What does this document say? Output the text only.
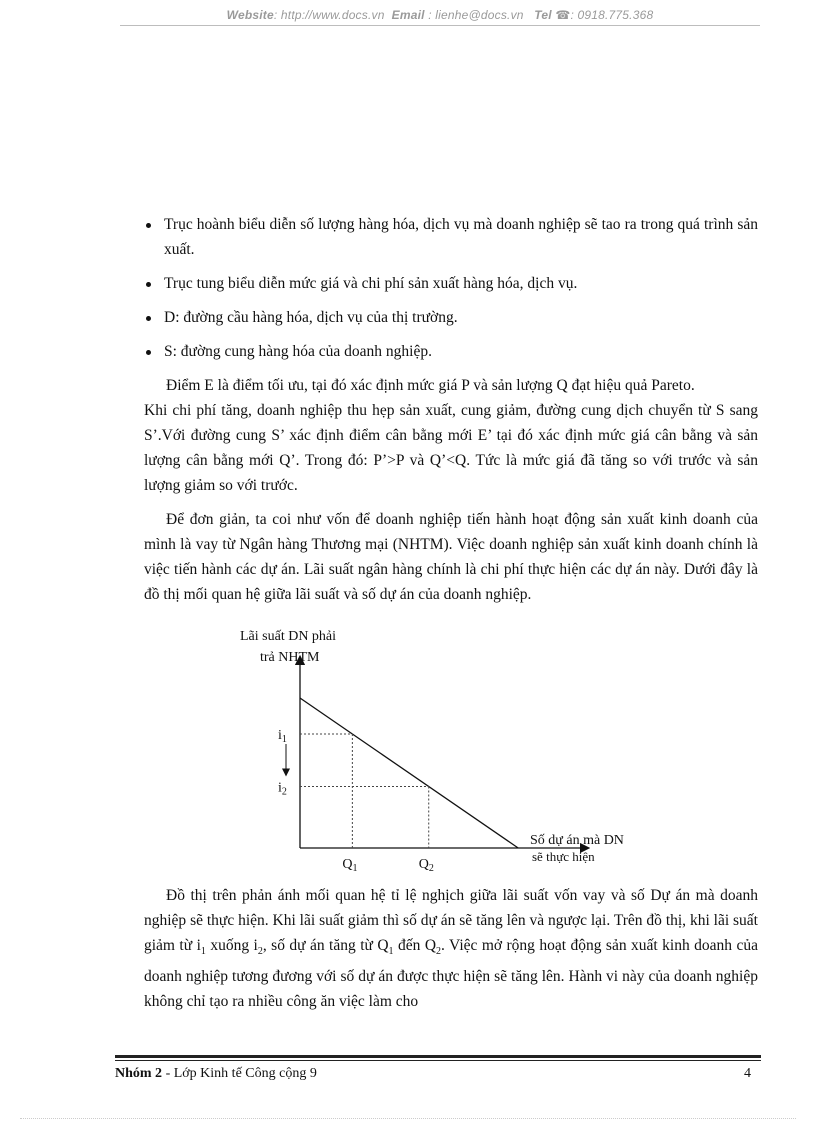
Website: http://www.docs.vn Email : lienhe@docs.vn Tel ☎: 0918.775.368
Trục hoành biểu diễn số lượng hàng hóa, dịch vụ mà doanh nghiệp sẽ tao ra trong quá trình sản xuất.
Trục tung biểu diễn mức giá và chi phí sản xuất hàng hóa, dịch vụ.
D: đường cầu hàng hóa, dịch vụ của thị trường.
S: đường cung hàng hóa của doanh nghiệp.

Điểm E là điểm tối ưu, tại đó xác định mức giá P và sản lượng Q đạt hiệu quả Pareto.

Khi chi phí tăng, doanh nghiệp thu hẹp sản xuất, cung giảm, đường cung dịch chuyển từ S sang S’.Với đường cung S’ xác định điểm cân bằng mới E’ tại đó xác định mức giá cân bằng và sản lượng cân bằng mới Q’. Trong đó: P’>P và Q’<Q. Tức là mức giá đã tăng so với trước và sản lượng giảm so với trước.

Để đơn giản, ta coi như vốn để doanh nghiệp tiến hành hoạt động sản xuất kinh doanh của mình là vay từ Ngân hàng Thương mại (NHTM). Việc doanh nghiệp sản xuất kinh doanh chính là việc tiến hành các dự án. Lãi suất ngân hàng chính là chi phí thực hiện các dự án này. Dưới đây là đồ thị mối quan hệ giữa lãi suất và số dự án của doanh nghiệp.

Lãi suất DN phải
trả NHTM
$i_1$
$i_2$
$Q_1$	$Q_2$
Số dự án mà DN
sẽ thực hiện

Đồ thị trên phản ánh mối quan hệ tỉ lệ nghịch giữa lãi suất vốn vay và số Dự án mà doanh nghiệp sẽ thực hiện. Khi lãi suất giảm thì số dự án sẽ tăng lên và ngược lại. Trên đồ thị, khi lãi suất giảm từ $i_1$ xuống $i_2$, số dự án tăng từ $Q_1$ đến $Q_2$. Việc mở rộng hoạt động sản xuất kinh doanh của doanh nghiệp tương đương với số dự án được thực hiện sẽ tăng lên. Hành vi này của doanh nghiệp không chỉ tạo ra nhiều công ăn việc làm cho

Nhóm 2 - Lớp Kinh tế Công cộng 9	4
